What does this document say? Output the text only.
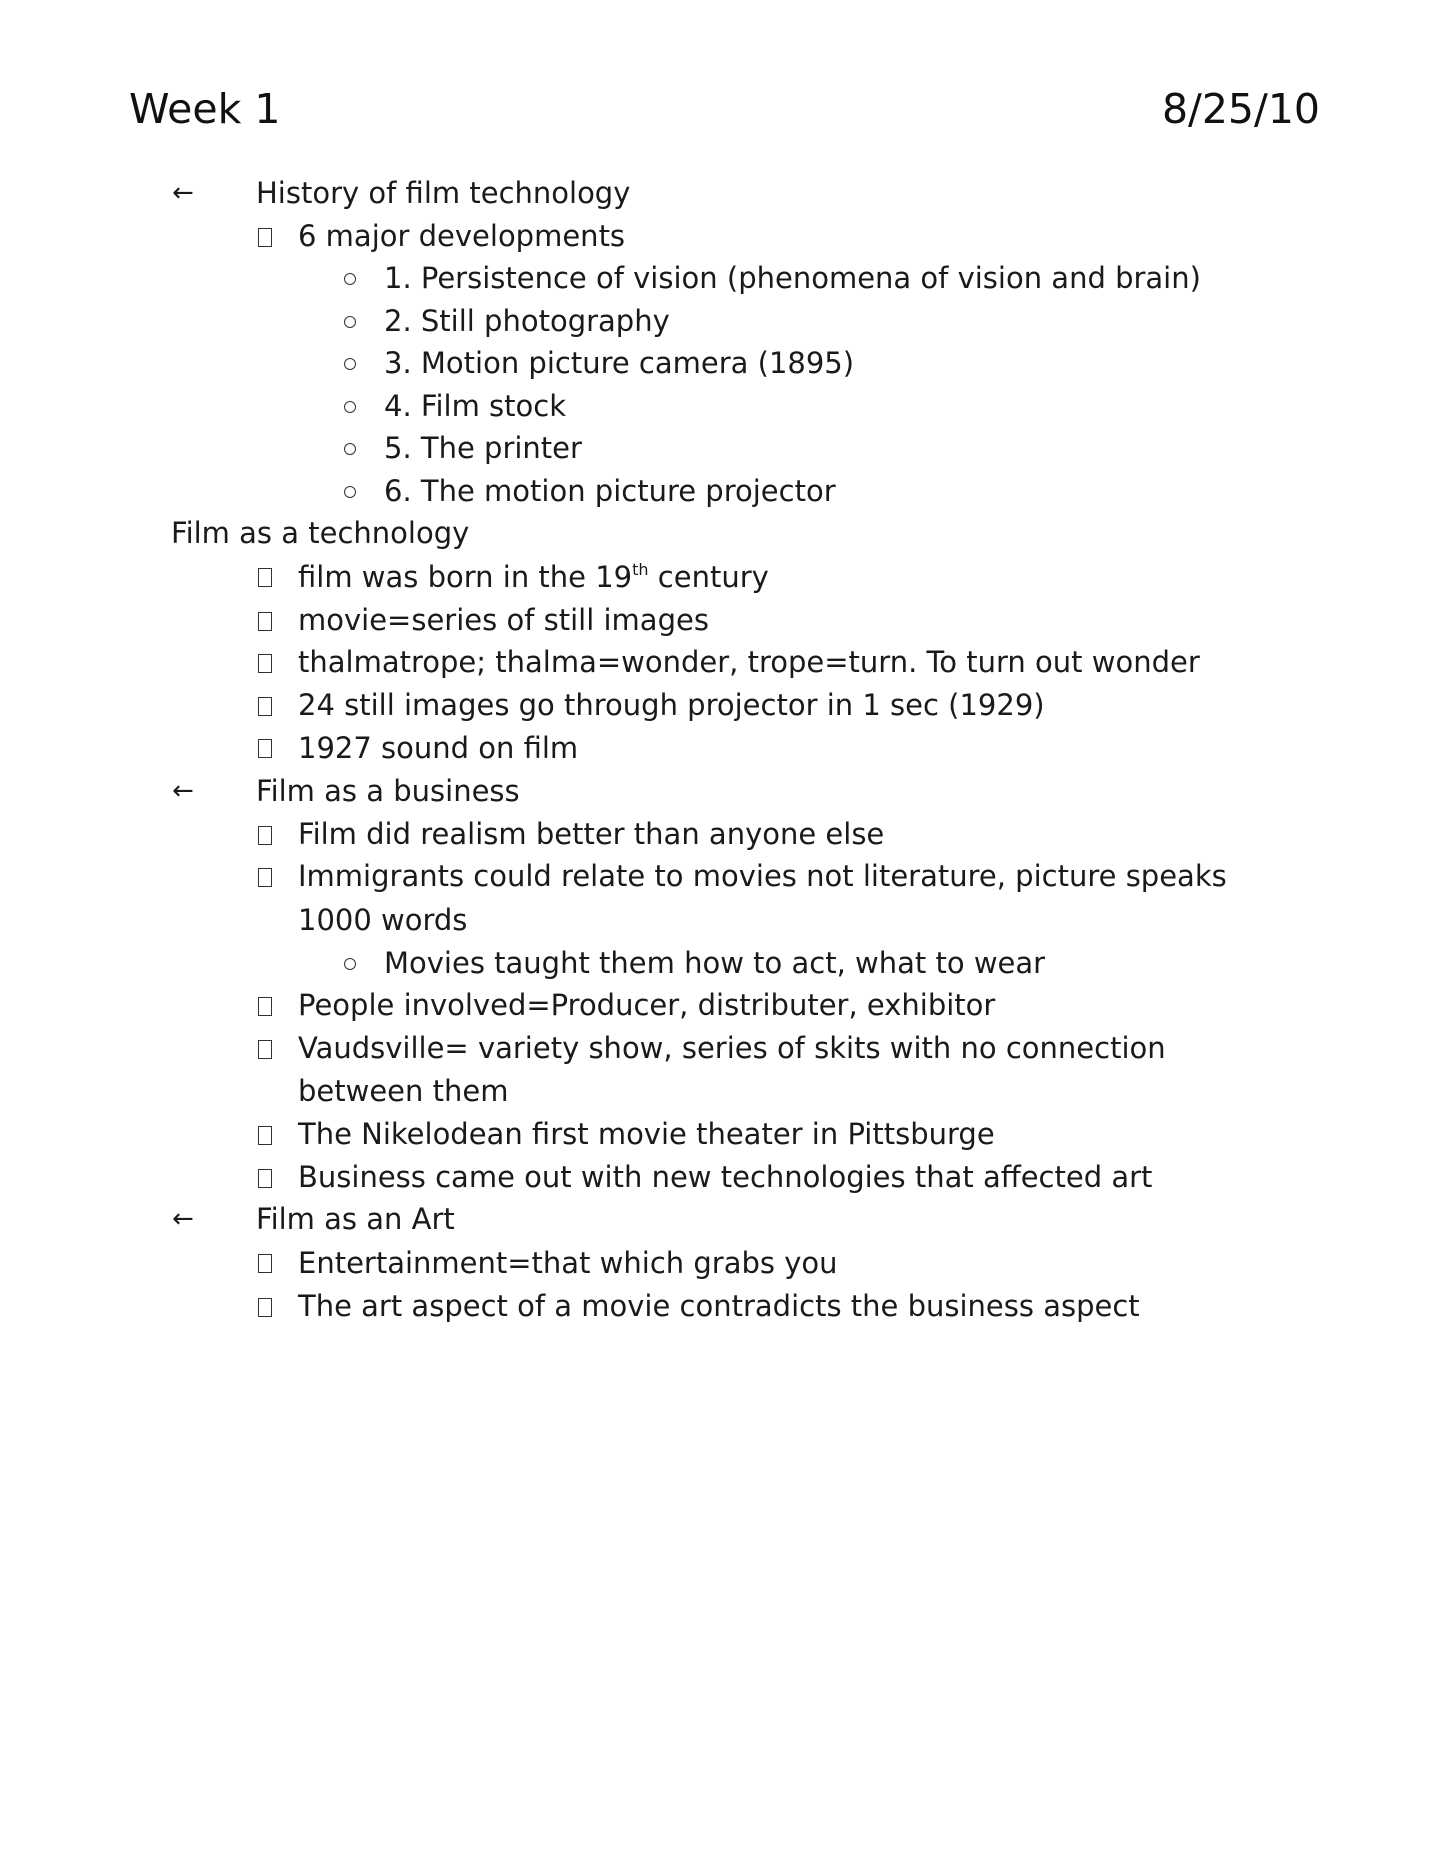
Week 1	8/25/10
← History of film technology
6 major developments
1. Persistence of vision (phenomena of vision and brain)
2. Still photography
3. Motion picture camera (1895)
4. Film stock
5. The printer
6. The motion picture projector
Film as a technology
film was born in the 19th century
movie=series of still images
thalmatrope; thalma=wonder, trope=turn. To turn out wonder
24 still images go through projector in 1 sec (1929)
1927 sound on film
← Film as a business
Film did realism better than anyone else
Immigrants could relate to movies not literature, picture speaks
1000 words
Movies taught them how to act, what to wear
People involved=Producer, distributer, exhibitor
Vaudsville= variety show, series of skits with no connection
between them
The Nikelodean first movie theater in Pittsburge
Business came out with new technologies that affected art
← Film as an Art
Entertainment=that which grabs you
The art aspect of a movie contradicts the business aspect
